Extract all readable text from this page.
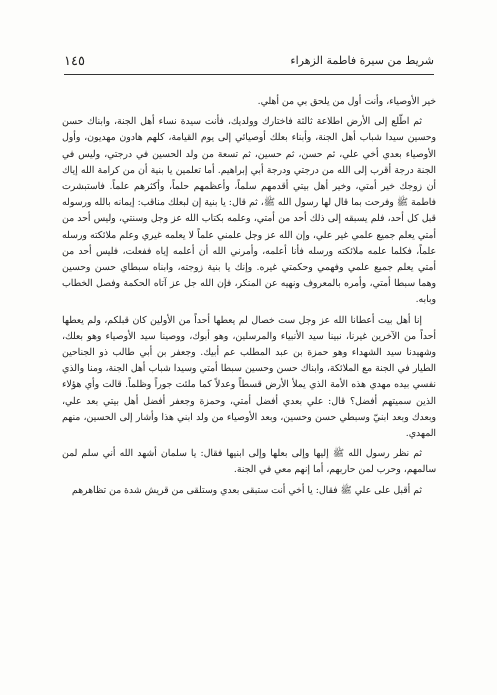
شريط من سيرة فاطمة الزهراء
١٤٥

خير الأوصياء، وأنت أول من يلحق بي من أهلي.

ثم اطّلع إلى الأرض اطلاعة ثالثة فاختارك وولديك، فأنت سيدة نساء أهل الجنة، وابناك حسن وحسين سيدا شباب أهل الجنة، وأبناء بعلك أوصيائي إلى يوم القيامة، كلهم هادون مهديون، وأول الأوصياء بعدي أخي علي، ثم حسن، ثم حسين، ثم تسعة من ولد الحسين في درجتي، وليس في الجنة درجة أقرب إلى الله من درجتي ودرجة أبي إبراهيم. أما تعلمين يا بنية أن من كرامة الله إياك أن زوجك خير أمتي، وخير أهل بيتي أقدمهم سلماً، وأعظمهم حلماً، وأكثرهم علماً. فاستبشرت فاطمة ﷺ وفرحت بما قال لها رسول الله ﷺ، ثم قال: يا بنية إن لبعلك مناقب: إيمانه بالله ورسوله قبل كل أحد، فلم يسبقه إلى ذلك أحد من أمتي، وعلمه بكتاب الله عز وجل وسنتي، وليس أحد من أمتي يعلم جميع علمي غير علي، وإن الله عز وجل علمني علماً لا يعلمه غيري وعلم ملائكته ورسله علماً، فكلما علمه ملائكته ورسله فأنا أعلمه، وأمرني الله أن أعلمه إياه ففعلت، فليس أحد من أمتي يعلم جميع علمي وفهمي وحكمتي غيره. وإنك يا بنية زوجته، وابناه سبطاي حسن وحسين وهما سبطا أمتي، وأمره بالمعروف ونهيه عن المنكر، فإن الله جل عز آتاه الحكمة وفصل الخطاب وبابه.

إنا أهل بيت أعطانا الله عز وجل ست خصال لم يعطها أحداً من الأولين كان قبلكم، ولم يعطها أحداً من الآخرين غيرنا، نبينا سيد الأنبياء والمرسلين، وهو أبوك، ووصينا سيد الأوصياء وهو بعلك، وشهيدنا سيد الشهداء وهو حمزة بن عبد المطلب عم أبيك. وجعفر بن أبي طالب ذو الجناحين الطيار في الجنة مع الملائكة، وابناك حسن وحسين سبطا أمتي وسيدا شباب أهل الجنة، ومنا والذي نفسي بيده مهدي هذه الأمة الذي يملأ الأرض قسطاً وعدلاً كما ملئت جوراً وظلماً. قالت وأي هؤلاء الذين سميتهم أفضل؟ قال: علي بعدي أفضل أمتي، وحمزة وجعفر أفضل أهل بيتي بعد علي، وبعدك وبعد ابنيّ وسبطي حسن وحسين، وبعد الأوصياء من ولد ابني هذا وأشار إلى الحسين، منهم المهدي.

ثم نظر رسول الله ﷺ إليها وإلى بعلها وإلى ابنيها فقال: يا سلمان أشهد الله أني سلم لمن سالمهم، وحرب لمن حاربهم، أما إنهم معي في الجنة.

ثم أقبل على علي ﷺ فقال: يا أخي أنت ستبقى بعدي وستلقى من قريش شدة من تظاهرهم
